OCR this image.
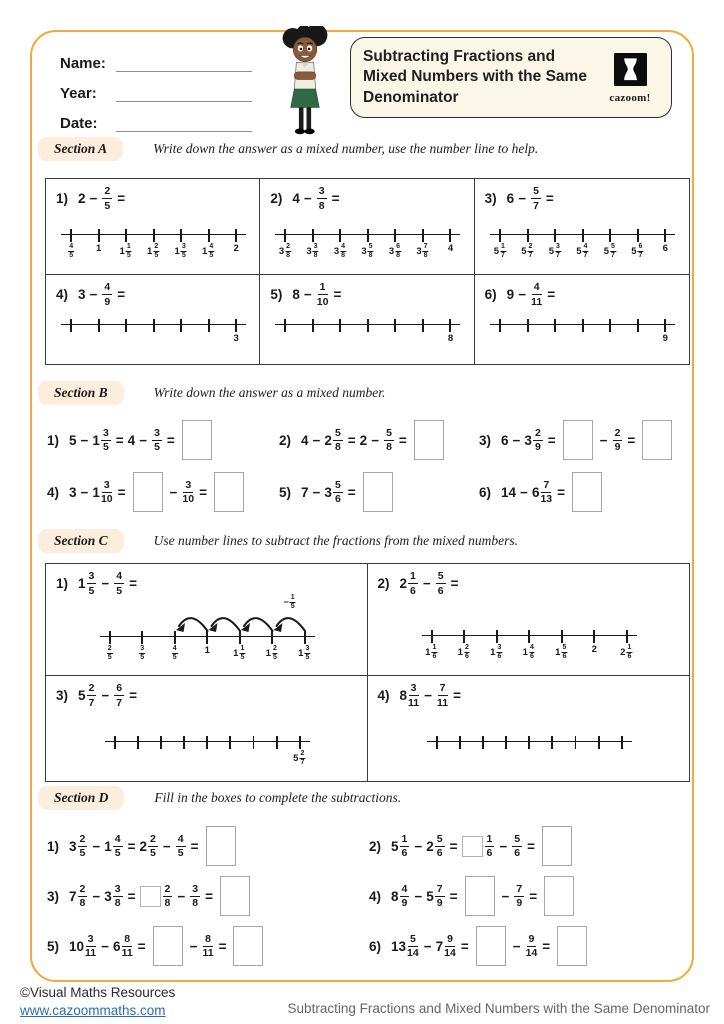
Name:
Year:
Date:
Subtracting Fractions and Mixed Numbers with the Same Denominator	cazoom!
Section A	Write down the answer as a mixed number, use the number line to help.
Section B	Write down the answer as a mixed number.
Section C	Use number lines to subtract the fractions from the mixed numbers.
Section D	Fill in the boxes to complete the subtractions.
1) $2 - \frac{2}{5}$ =
$\frac{4}{5} 1$ $1 \frac{1}{5} 1 \frac{2}{5} 1 \frac{3}{5} 1 \frac{4}{5} 2$
2) $4 - \frac{3}{8}$ =
$3 \frac{2}{8} 3 \frac{3}{8} 3 \frac{4}{8} 3 \frac{5}{8} 3 \frac{6}{8} 3 \frac{7}{8} 4$
3) $6 - \frac{5}{7}$ =
$5 \frac{1}{7} 5 \frac{2}{7} 5 \frac{3}{7} 5 \frac{4}{7} 5 \frac{5}{7} 5 \frac{6}{7} 6$
4) $3 - \frac{4}{9}$ =
3
5) $8 - \frac{1}{10}$ =
8
6) $9 - \frac{4}{11}$ =
9
1) $5 - 1 \frac{3}{5} = 4 - \frac{3}{5}$ =	2) $4 - 2 \frac{5}{8} = 2 - \frac{5}{8}$ =	3) $6 - 3 \frac{2}{9}$ =	− $\frac{2}{9}$ =
4) $3 - 1 \frac{3}{10}$ =	− $\frac{3}{10}$ =	5) $7 - 3 \frac{5}{6}$ =	6) $14 - 6 \frac{7}{13}$ =
1) $1 \frac{3}{5} - \frac{4}{5}$ =
$\frac{2}{5}$	$\frac{3}{5}$	$\frac{4}{5}$	1 $1 \frac{1}{5} 1 \frac{2}{5} 1 \frac{3}{5}$
− $\frac{1}{5}$
2) $2 \frac{1}{6} - \frac{5}{6}$ =
$1 \frac{1}{6} 1 \frac{2}{6} 1 \frac{3}{6} 1 \frac{4}{6} 1 \frac{5}{6}$	2 $2 \frac{1}{6}$
3) $5 \frac{2}{7} - \frac{6}{7}$ =
$5 \frac{2}{7}$
4) $8 \frac{3}{11} - \frac{7}{11}$ =
1) $3 \frac{2}{5} - 1 \frac{4}{5} = 2 \frac{2}{5} - \frac{4}{5}$ =	2) $5 \frac{1}{6} - 2 \frac{5}{6}$ =	$\frac{1}{6} - \frac{5}{6}$ =
3) $7 \frac{2}{8} - 3 \frac{3}{8}$ =	$\frac{2}{8} - \frac{3}{8}$ =	4) $8 \frac{4}{9} - 5 \frac{7}{9}$ =	− $\frac{7}{9}$ =
5) $10 \frac{3}{11} - 6 \frac{8}{11}$ =	− $\frac{8}{11}$ =	6) $13 \frac{5}{14} - 7 \frac{9}{14}$ =	− $\frac{9}{14}$ =
©Visual Maths Resources
www.cazoommaths.com	Subtracting Fractions and Mixed Numbers with the Same Denominator
